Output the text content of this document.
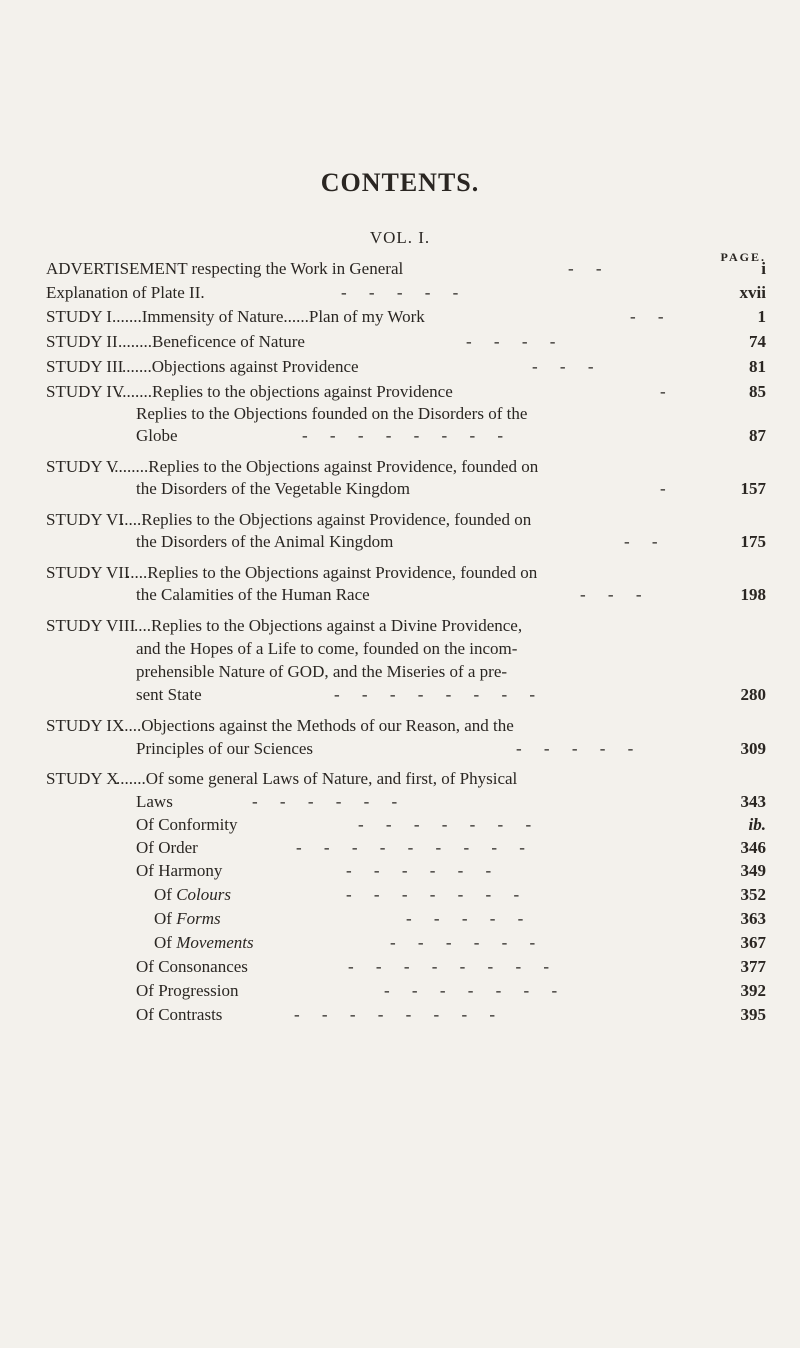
CONTENTS.
VOL. I.
PAGE.
ADVERTISEMENT respecting the Work in General	- -	i
Explanation of Plate II.	- - - - -	xvii
STUDY I .......Immensity of Nature......Plan of my Work	- -	1
STUDY II ........Beneficence of Nature	- - - -	74
STUDY III
.......Objections against Providence	- - -	81
STUDY IV
........Replies to the objections against Providence	-	85
Replies to the Objections founded on the Disorders of the
Globe	- - - - - - - -	87
STUDY V
.........Replies to the Objections against Providence, founded on
the Disorders of the Vegetable Kingdom	-	157
STUDY VI
.....Replies to the Objections against Providence, founded on
the Disorders of the Animal Kingdom	- -	175
STUDY VII
.....Replies to the Objections against Providence, founded on
the Calamities of the Human Race	- - -	198
STUDY VIII
....Replies to the Objections against a Divine Providence,
and the Hopes of a Life to come, founded on the incom-
prehensible Nature of GOD, and the Miseries of a pre-
sent State	- - - - - - - -	280
STUDY IX
.....Objections against the Methods of our Reason, and the
Principles of our Sciences	- - - - -	309
STUDY X
.......Of some general Laws of Nature, and first, of Physical
Laws	- - - - - -	343
Of Conformity	- - - - - - -	ib.
Of Order	- - - - - - - - -	346
Of Harmony	- - - - - -	349
Of Colours	- - - - - - -	352
Of Forms	- - - - -	363
Of Movements	- - - - - -	367
Of Consonances	- - - - - - - -	377
Of Progression	- - - - - - -	392
Of Contrasts	- - - - - - - -	395
